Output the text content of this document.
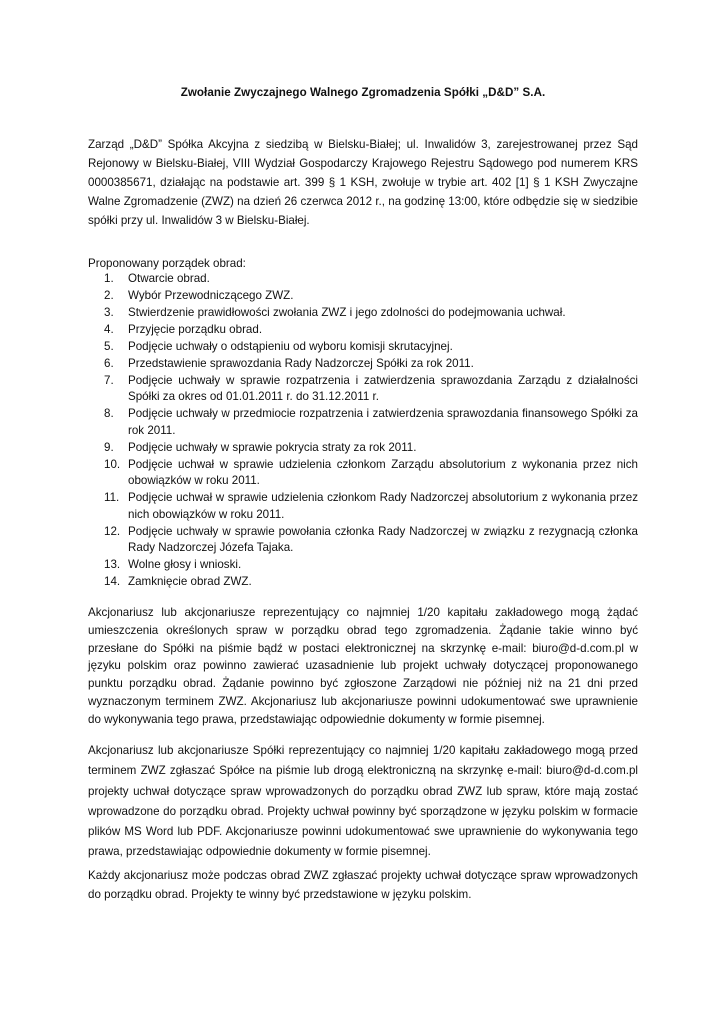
Zwołanie Zwyczajnego Walnego Zgromadzenia Spółki „D&D” S.A.

Zarząd „D&D” Spółka Akcyjna z siedzibą w Bielsku-Białej; ul. Inwalidów 3, zarejestrowanej przez Sąd Rejonowy w Bielsku-Białej, VIII Wydział Gospodarczy Krajowego Rejestru Sądowego pod numerem KRS 0000385671, działając na podstawie art. 399 § 1 KSH, zwołuje w trybie art. 402 [1] § 1 KSH Zwyczajne Walne Zgromadzenie (ZWZ) na dzień 26 czerwca 2012 r., na godzinę 13:00, które odbędzie się w siedzibie spółki przy ul. Inwalidów 3 w Bielsku-Białej.

Proponowany porządek obrad:

1. Otwarcie obrad.
2. Wybór Przewodniczącego ZWZ.
3. Stwierdzenie prawidłowości zwołania ZWZ i jego zdolności do podejmowania uchwał.
4. Przyjęcie porządku obrad.
5. Podjęcie uchwały o odstąpieniu od wyboru komisji skrutacyjnej.
6. Przedstawienie sprawozdania Rady Nadzorczej Spółki za rok 2011.
7. Podjęcie uchwały w sprawie rozpatrzenia i zatwierdzenia sprawozdania Zarządu z działalności Spółki za okres od 01.01.2011 r. do 31.12.2011 r.
8. Podjęcie uchwały w przedmiocie rozpatrzenia i zatwierdzenia sprawozdania finansowego Spółki za rok 2011.
9. Podjęcie uchwały w sprawie pokrycia straty za rok 2011.
10. Podjęcie uchwał w sprawie udzielenia członkom Zarządu absolutorium z wykonania przez nich obowiązków w roku 2011.
11. Podjęcie uchwał w sprawie udzielenia członkom Rady Nadzorczej absolutorium z wykonania przez nich obowiązków w roku 2011.
12. Podjęcie uchwały w sprawie powołania członka Rady Nadzorczej w związku z rezygnacją członka Rady Nadzorczej Józefa Tajaka.
13. Wolne głosy i wnioski.
14. Zamknięcie obrad ZWZ.

Akcjonariusz lub akcjonariusze reprezentujący co najmniej 1/20 kapitału zakładowego mogą żądać umieszczenia określonych spraw w porządku obrad tego zgromadzenia. Żądanie takie winno być przesłane do Spółki na piśmie bądź w postaci elektronicznej na skrzynkę e-mail: biuro@d-d.com.pl w języku polskim oraz powinno zawierać uzasadnienie lub projekt uchwały dotyczącej proponowanego punktu porządku obrad. Żądanie powinno być zgłoszone Zarządowi nie później niż na 21 dni przed wyznaczonym terminem ZWZ. Akcjonariusz lub akcjonariusze powinni udokumentować swe uprawnienie do wykonywania tego prawa, przedstawiając odpowiednie dokumenty w formie pisemnej.

Akcjonariusz lub akcjonariusze Spółki reprezentujący co najmniej 1/20 kapitału zakładowego mogą przed terminem ZWZ zgłaszać Spółce na piśmie lub drogą elektroniczną na skrzynkę e-mail: biuro@d-d.com.pl projekty uchwał dotyczące spraw wprowadzonych do porządku obrad ZWZ lub spraw, które mają zostać wprowadzone do porządku obrad. Projekty uchwał powinny być sporządzone w języku polskim w formacie plików MS Word lub PDF. Akcjonariusze powinni udokumentować swe uprawnienie do wykonywania tego prawa, przedstawiając odpowiednie dokumenty w formie pisemnej.

Każdy akcjonariusz może podczas obrad ZWZ zgłaszać projekty uchwał dotyczące spraw wprowadzonych do porządku obrad. Projekty te winny być przedstawione w języku polskim.
